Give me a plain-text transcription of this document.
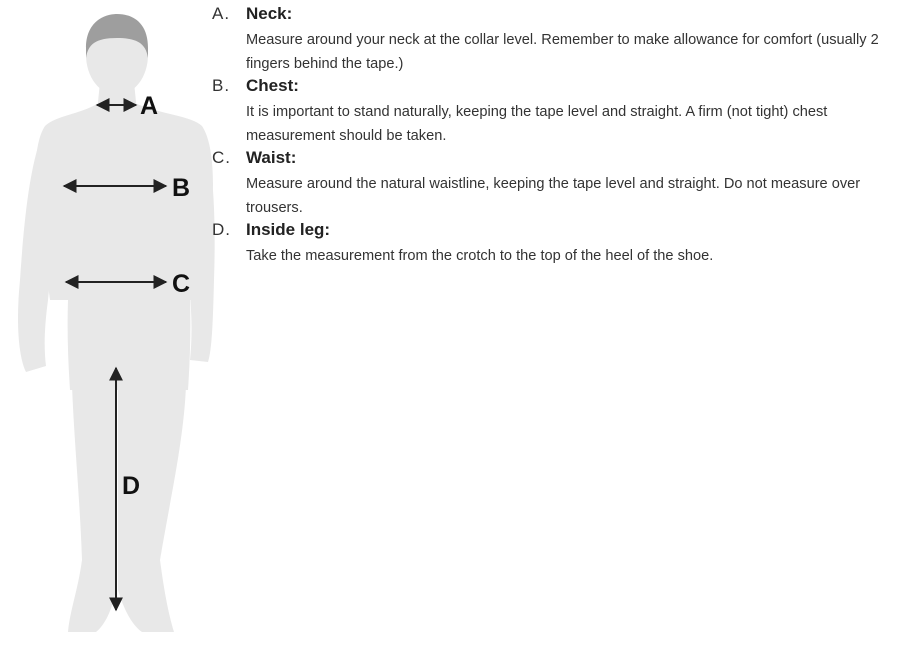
A
B
C
D
A. Neck:
Measure around your neck at the collar level. Remember to make allowance for comfort (usually 2 fingers behind the tape.)
B. Chest:
It is important to stand naturally, keeping the tape level and straight. A firm (not tight) chest measurement should be taken.
C. Waist:
Measure around the natural waistline, keeping the tape level and straight. Do not measure over trousers.
D. Inside leg:
Take the measurement from the crotch to the top of the heel of the shoe.
